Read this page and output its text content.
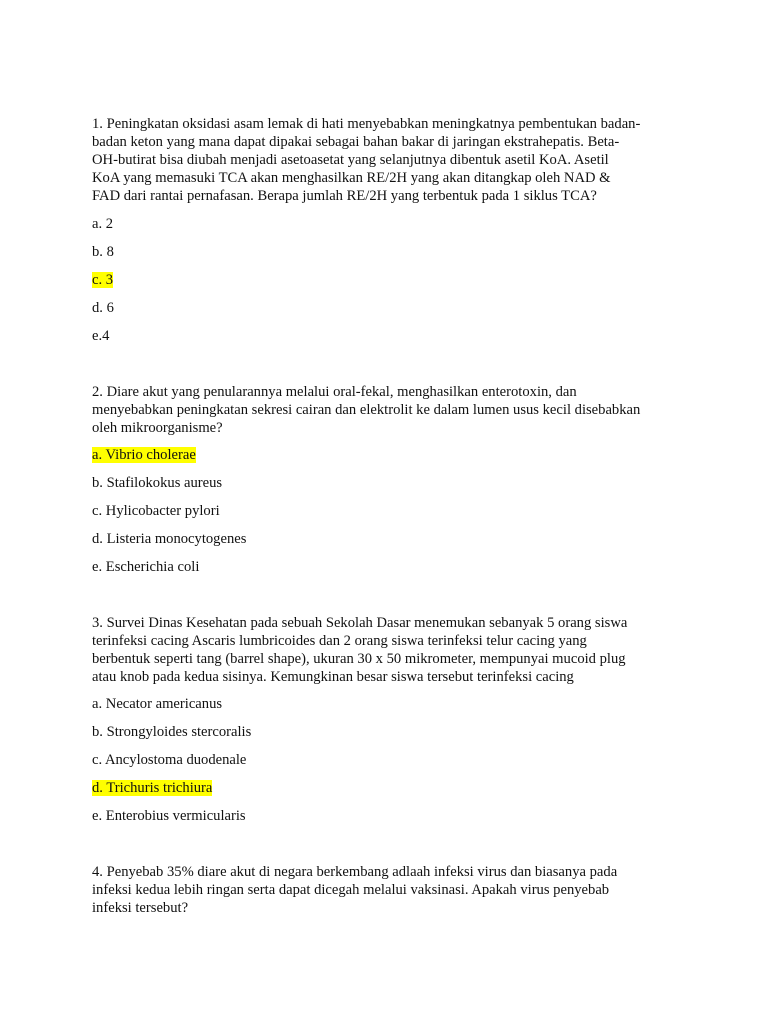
1. Peningkatan oksidasi asam lemak di hati menyebabkan meningkatnya pembentukan badan-
badan keton yang mana dapat dipakai sebagai bahan bakar di jaringan ekstrahepatis. Beta-
OH-butirat bisa diubah menjadi asetoasetat yang selanjutnya dibentuk asetil KoA. Asetil
KoA yang memasuki TCA akan menghasilkan RE/2H yang akan ditangkap oleh NAD &
FAD dari rantai pernafasan. Berapa jumlah RE/2H yang terbentuk pada 1 siklus TCA?
a. 2
b. 8
c. 3
d. 6
e.4
2. Diare akut yang penularannya melalui oral-fekal, menghasilkan enterotoxin, dan
menyebabkan peningkatan sekresi cairan dan elektrolit ke dalam lumen usus kecil disebabkan
oleh mikroorganisme?
a. Vibrio cholerae
b. Stafilokokus aureus
c. Hylicobacter pylori
d. Listeria monocytogenes
e. Escherichia coli
3. Survei Dinas Kesehatan pada sebuah Sekolah Dasar menemukan sebanyak 5 orang siswa
terinfeksi cacing Ascaris lumbricoides dan 2 orang siswa terinfeksi telur cacing yang
berbentuk seperti tang (barrel shape), ukuran 30 x 50 mikrometer, mempunyai mucoid plug
atau knob pada kedua sisinya. Kemungkinan besar siswa tersebut terinfeksi cacing
a. Necator americanus
b. Strongyloides stercoralis
c. Ancylostoma duodenale
d. Trichuris trichiura
e. Enterobius vermicularis
4. Penyebab 35% diare akut di negara berkembang adlaah infeksi virus dan biasanya pada
infeksi kedua lebih ringan serta dapat dicegah melalui vaksinasi. Apakah virus penyebab
infeksi tersebut?
